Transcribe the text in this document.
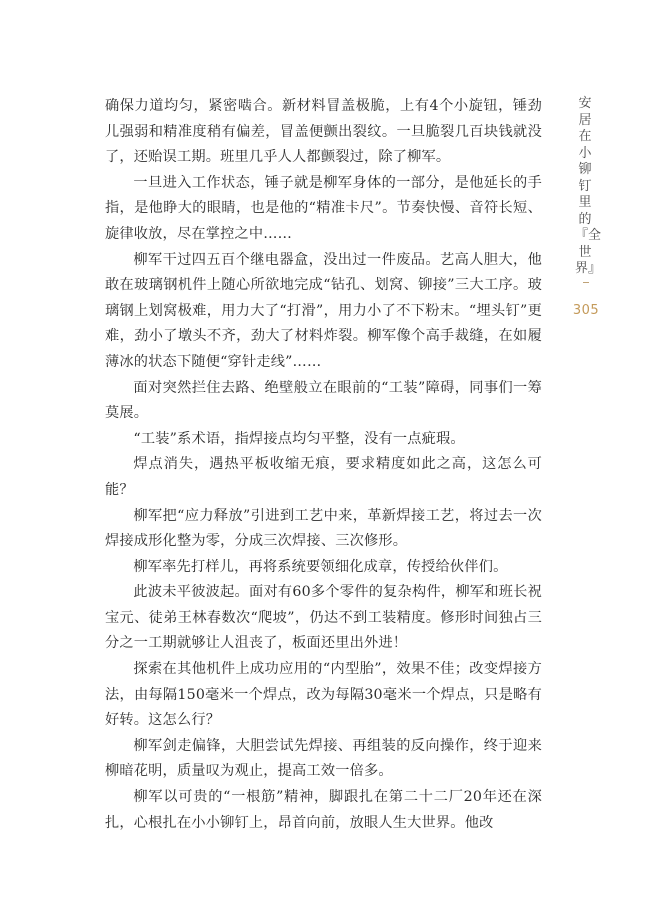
确保力道均匀，紧密啮合。新材料冒盖极脆，上有4个小旋钮，锤劲儿强弱和精准度稍有偏差，冒盖便颤出裂纹。一旦脆裂几百块钱就没了，还贻误工期。班里几乎人人都颤裂过，除了柳军。

一旦进入工作状态，锤子就是柳军身体的一部分，是他延长的手指，是他睁大的眼睛，也是他的“精准卡尺”。节奏快慢、音符长短、旋律收放，尽在掌控之中……

柳军干过四五百个继电器盒，没出过一件废品。艺高人胆大，他敢在玻璃钢机件上随心所欲地完成“钻孔、划窝、铆接”三大工序。玻璃钢上划窝极难，用力大了“打滑”，用力小了不下粉末。“埋头钉”更难，劲小了墩头不齐，劲大了材料炸裂。柳军像个高手裁缝，在如履薄冰的状态下随便“穿针走线”……

面对突然拦住去路、绝壁般立在眼前的“工装”障碍，同事们一筹莫展。

“工装”系术语，指焊接点均匀平整，没有一点疵瑕。

焊点消失，遇热平板收缩无痕，要求精度如此之高，这怎么可能？

柳军把“应力释放”引进到工艺中来，革新焊接工艺，将过去一次焊接成形化整为零，分成三次焊接、三次修形。

柳军率先打样儿，再将系统要领细化成章，传授给伙伴们。

此波未平彼波起。面对有60多个零件的复杂构件，柳军和班长祝宝元、徒弟王林春数次“爬坡”，仍达不到工装精度。修形时间独占三分之一工期就够让人沮丧了，板面还里出外进！

探索在其他机件上成功应用的“内型胎”，效果不佳；改变焊接方法，由每隔150毫米一个焊点，改为每隔30毫米一个焊点，只是略有好转。这怎么行？

柳军剑走偏锋，大胆尝试先焊接、再组装的反向操作，终于迎来柳暗花明，质量叹为观止，提高工效一倍多。

柳军以可贵的“一根筋”精神，脚跟扎在第二十二厂20年还在深扎，心根扎在小小铆钉上，昂首向前，放眼人生大世界。他改

安居在小铆钉里的『全世界』
305
